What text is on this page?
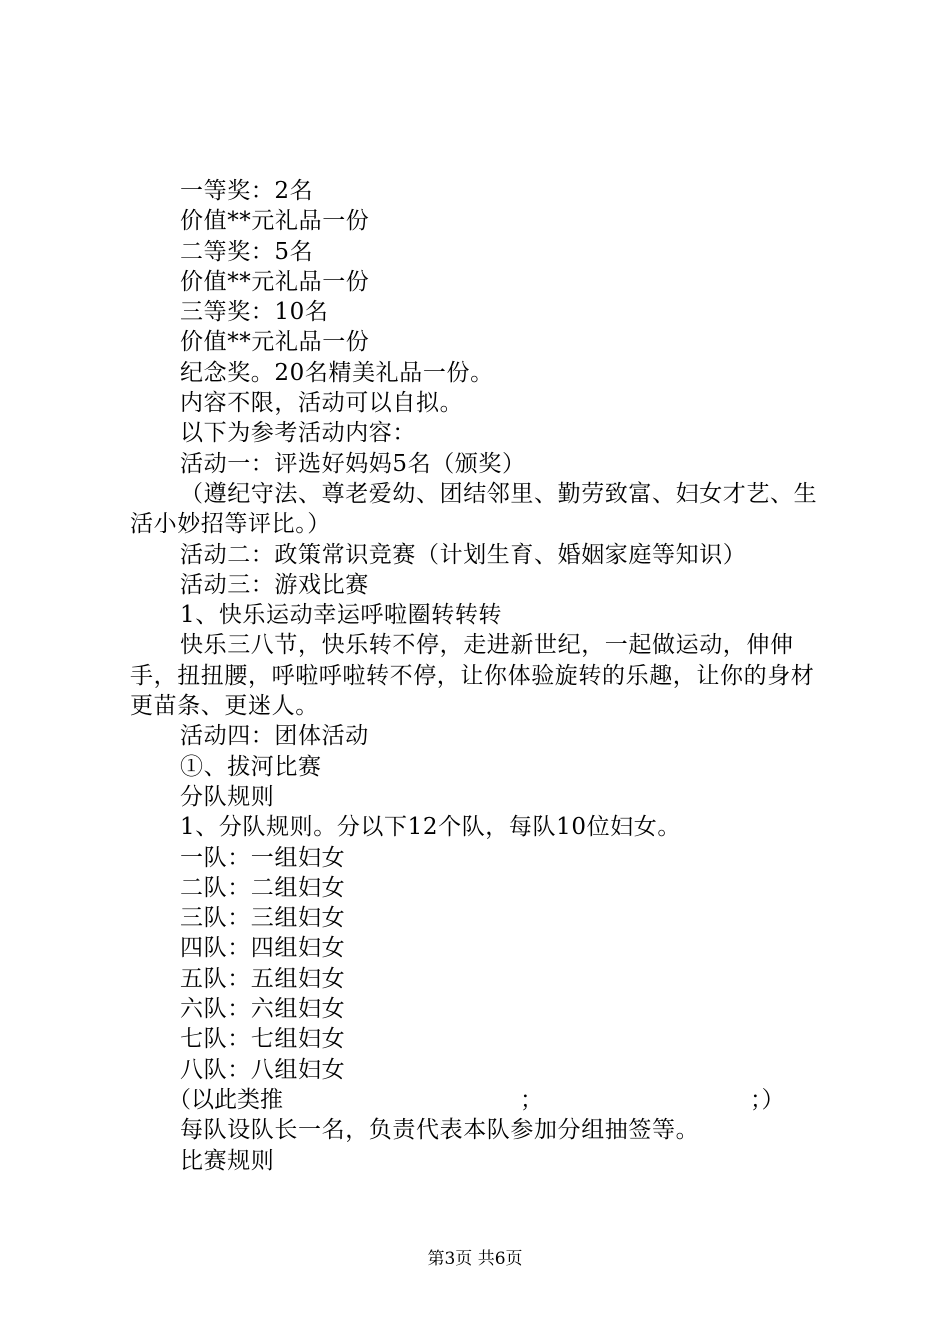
一等奖：2名
价值**元礼品一份
二等奖：5名
价值**元礼品一份
三等奖：10名
价值**元礼品一份
纪念奖。20名精美礼品一份。
内容不限，活动可以自拟。
以下为参考活动内容：
活动一：评选好妈妈5名（颁奖）
（遵纪守法、尊老爱幼、团结邻里、勤劳致富、妇女才艺、生活小妙招等评比。）
活动二：政策常识竞赛（计划生育、婚姻家庭等知识）
活动三：游戏比赛
1、快乐运动幸运呼啦圈转转转
快乐三八节，快乐转不停，走进新世纪，一起做运动，伸伸手，扭扭腰，呼啦呼啦转不停，让你体验旋转的乐趣，让你的身材更苗条、更迷人。
活动四：团体活动
①、拔河比赛
分队规则
1、分队规则。分以下12个队，每队10位妇女。
一队：一组妇女
二队：二组妇女
三队：三组妇女
四队：四组妇女
五队：五组妇女
六队：六组妇女
七队：七组妇女
八队：八组妇女
（以此类推	；	；）
每队设队长一名，负责代表本队参加分组抽签等。
比赛规则
第3页 共6页
